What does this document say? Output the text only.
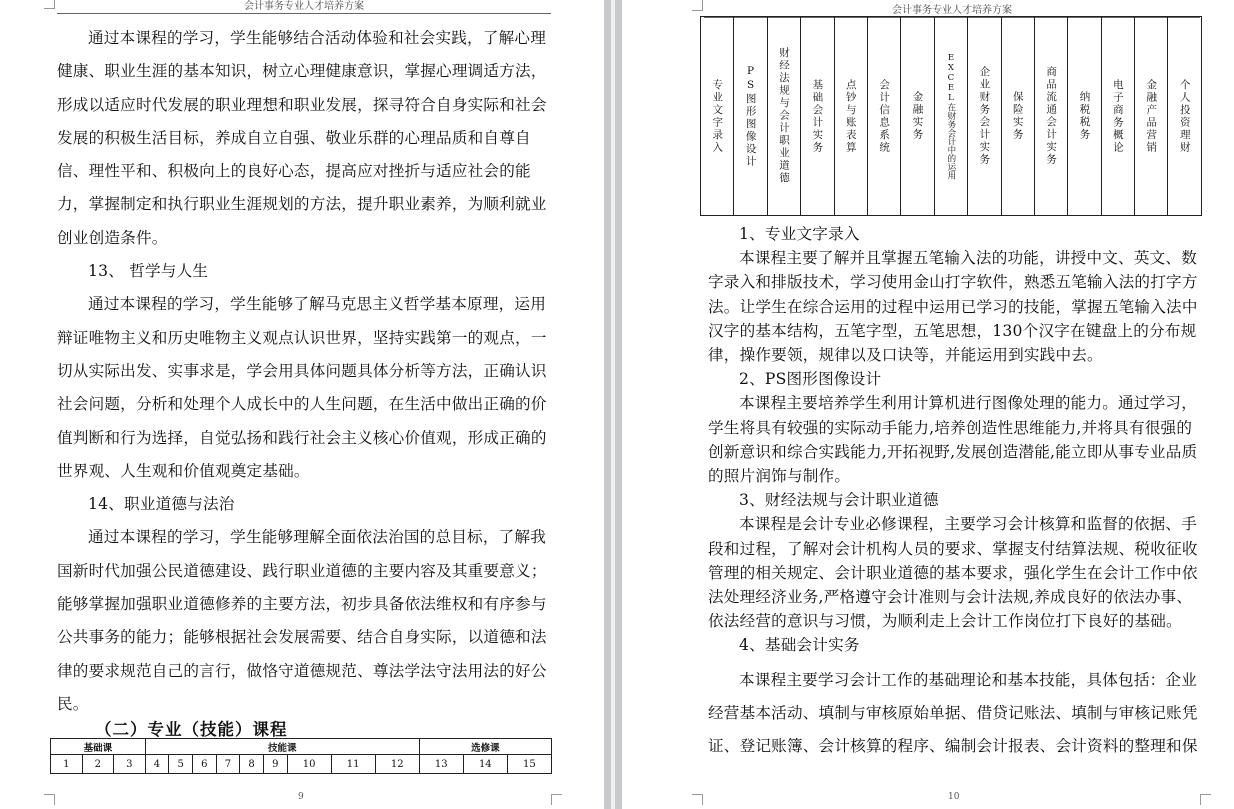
会计事务专业人才培养方案

通过本课程的学习，学生能够结合活动体验和社会实践，了解心理健康、职业生涯的基本知识，树立心理健康意识，掌握心理调适方法，形成以适应时代发展的职业理想和职业发展，探寻符合自身实际和社会发展的积极生活目标，养成自立自强、敬业乐群的心理品质和自尊自信、理性平和、积极向上的良好心态，提高应对挫折与适应社会的能力，掌握制定和执行职业生涯规划的方法，提升职业素养，为顺利就业创业创造条件。

13、 哲学与人生

通过本课程的学习，学生能够了解马克思主义哲学基本原理，运用辩证唯物主义和历史唯物主义观点认识世界，坚持实践第一的观点，一切从实际出发、实事求是，学会用具体问题具体分析等方法，正确认识社会问题，分析和处理个人成长中的人生问题，在生活中做出正确的价值判断和行为选择，自觉弘扬和践行社会主义核心价值观，形成正确的世界观、人生观和价值观奠定基础。

14、职业道德与法治

通过本课程的学习，学生能够理解全面依法治国的总目标，了解我国新时代加强公民道德建设、践行职业道德的主要内容及其重要意义；能够掌握加强职业道德修养的主要方法，初步具备依法维权和有序参与公共事务的能力；能够根据社会发展需要、结合自身实际，以道德和法律的要求规范自己的言行，做恪守道德规范、尊法学法守法用法的好公民。

（二）专业（技能）课程
基础课			技能课									选修课		
1	2	3	4	5	6	7	8	9	10	11	12	13	14	15
9
会计事务专业人才培养方案
专业文字录入	PS图形图像设计	财经法规与会计职业道德	基础会计实务	点钞与账表算	会计信息系统	金融实务	EXCEL在财务会计中的运用	企业财务会计实务	保险实务	商品流通会计实务	纳税税务	电子商务概论	金融产品营销	个人投资理财

1、专业文字录入

本课程主要了解并且掌握五笔输入法的功能，讲授中文、英文、数字录入和排版技术，学习使用金山打字软件，熟悉五笔输入法的打字方法。让学生在综合运用的过程中运用已学习的技能，掌握五笔输入法中汉字的基本结构，五笔字型，五笔思想，130个汉字在键盘上的分布规律，操作要领，规律以及口诀等，并能运用到实践中去。

2、PS图形图像设计

本课程主要培养学生利用计算机进行图像处理的能力。通过学习，学生将具有较强的实际动手能力,培养创造性思维能力,并将具有很强的创新意识和综合实践能力,开拓视野,发展创造潜能,能立即从事专业品质的照片润饰与制作。

3、财经法规与会计职业道德

本课程是会计专业必修课程，主要学习会计核算和监督的依据、手段和过程，了解对会计机构人员的要求、掌握支付结算法规、税收征收管理的相关规定、会计职业道德的基本要求，强化学生在会计工作中依法处理经济业务,严格遵守会计准则与会计法规,养成良好的依法办事、依法经营的意识与习惯，为顺利走上会计工作岗位打下良好的基础。

4、基础会计实务

本课程主要学习会计工作的基础理论和基本技能，具体包括：企业经营基本活动、填制与审核原始单据、借贷记账法、填制与审核记账凭证、登记账簿、会计核算的程序、编制会计报表、会计资料的整理和保

10
